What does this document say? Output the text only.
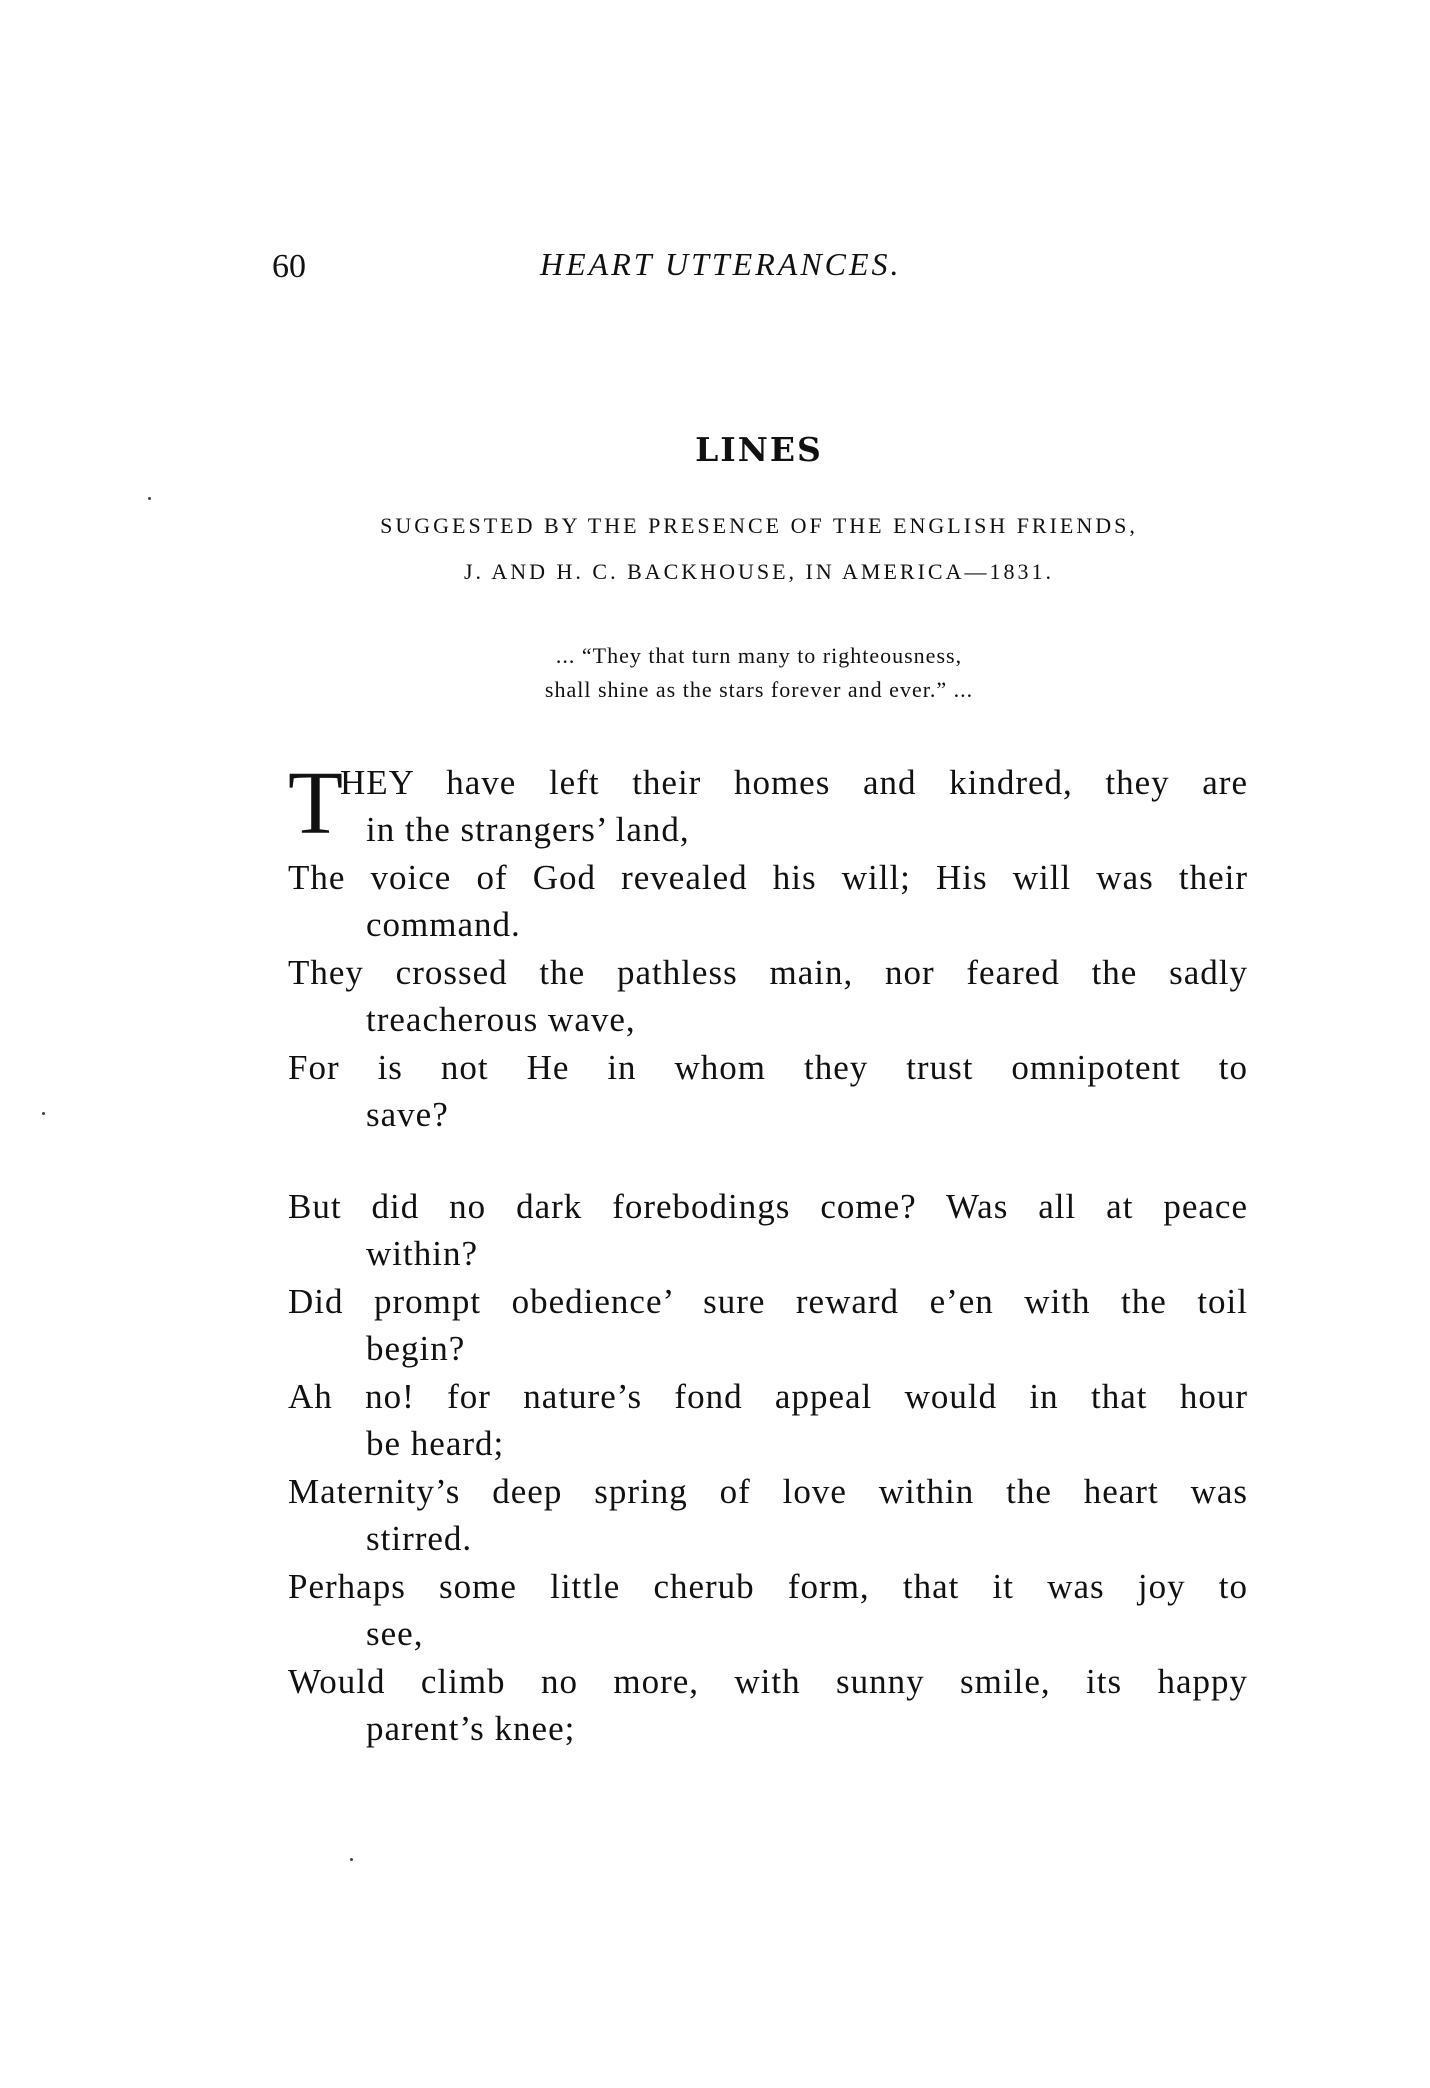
60	HEART UTTERANCES.
LINES
SUGGESTED BY THE PRESENCE OF THE ENGLISH FRIENDS,
J. AND H. C. BACKHOUSE, IN AMERICA—1831.
... “They that turn many to righteousness,
shall shine as the stars forever and ever.” ...
T
HEY have left their homes and kindred, they are
in the strangers’ land,
The voice of God revealed his will; His will was their
command.
They crossed the pathless main, nor feared the sadly
treacherous wave,
For is not He in whom they trust omnipotent to
save?
But did no dark forebodings come? Was all at peace
within?
Did prompt obedience’ sure reward e’en with the toil
begin?
Ah no! for nature’s fond appeal would in that hour
be heard;
Maternity’s deep spring of love within the heart was
stirred.
Perhaps some little cherub form, that it was joy to
see,
Would climb no more, with sunny smile, its happy
parent’s knee;
